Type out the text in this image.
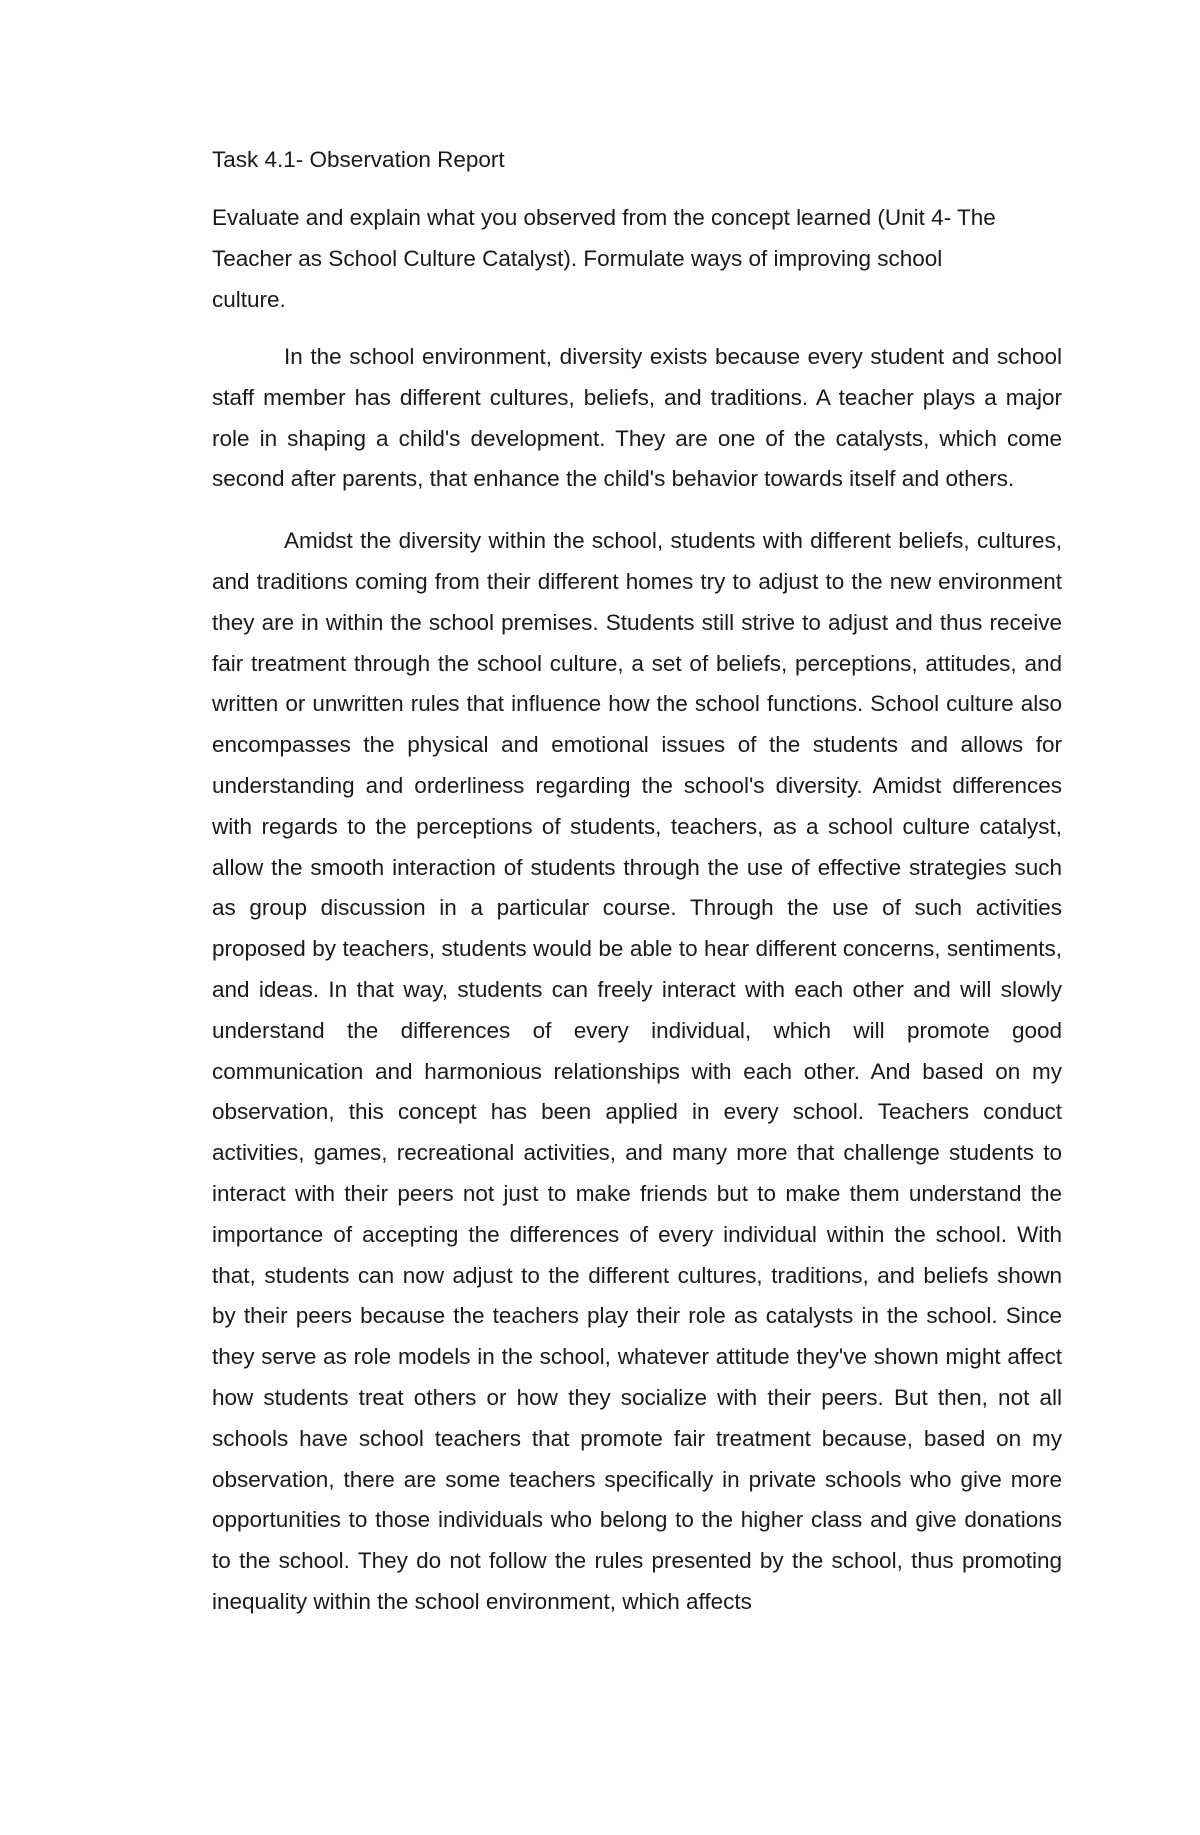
Task 4.1- Observation Report

Evaluate and explain what you observed from the concept learned (Unit 4- The
Teacher as School Culture Catalyst). Formulate ways of improving school
culture.

In the school environment, diversity exists because every student and school staff member has different cultures, beliefs, and traditions. A teacher plays a major role in shaping a child's development. They are one of the catalysts, which come second after parents, that enhance the child's behavior towards itself and others.

Amidst the diversity within the school, students with different beliefs, cultures, and traditions coming from their different homes try to adjust to the new environment they are in within the school premises. Students still strive to adjust and thus receive fair treatment through the school culture, a set of beliefs, perceptions, attitudes, and written or unwritten rules that influence how the school functions. School culture also encompasses the physical and emotional issues of the students and allows for understanding and orderliness regarding the school's diversity. Amidst differences with regards to the perceptions of students, teachers, as a school culture catalyst, allow the smooth interaction of students through the use of effective strategies such as group discussion in a particular course. Through the use of such activities proposed by teachers, students would be able to hear different concerns, sentiments, and ideas. In that way, students can freely interact with each other and will slowly understand the differences of every individual, which will promote good communication and harmonious relationships with each other. And based on my observation, this concept has been applied in every school. Teachers conduct activities, games, recreational activities, and many more that challenge students to interact with their peers not just to make friends but to make them understand the importance of accepting the differences of every individual within the school. With that, students can now adjust to the different cultures, traditions, and beliefs shown by their peers because the teachers play their role as catalysts in the school. Since they serve as role models in the school, whatever attitude they've shown might affect how students treat others or how they socialize with their peers. But then, not all schools have school teachers that promote fair treatment because, based on my observation, there are some teachers specifically in private schools who give more opportunities to those individuals who belong to the higher class and give donations to the school. They do not follow the rules presented by the school, thus promoting inequality within the school environment, which affects
